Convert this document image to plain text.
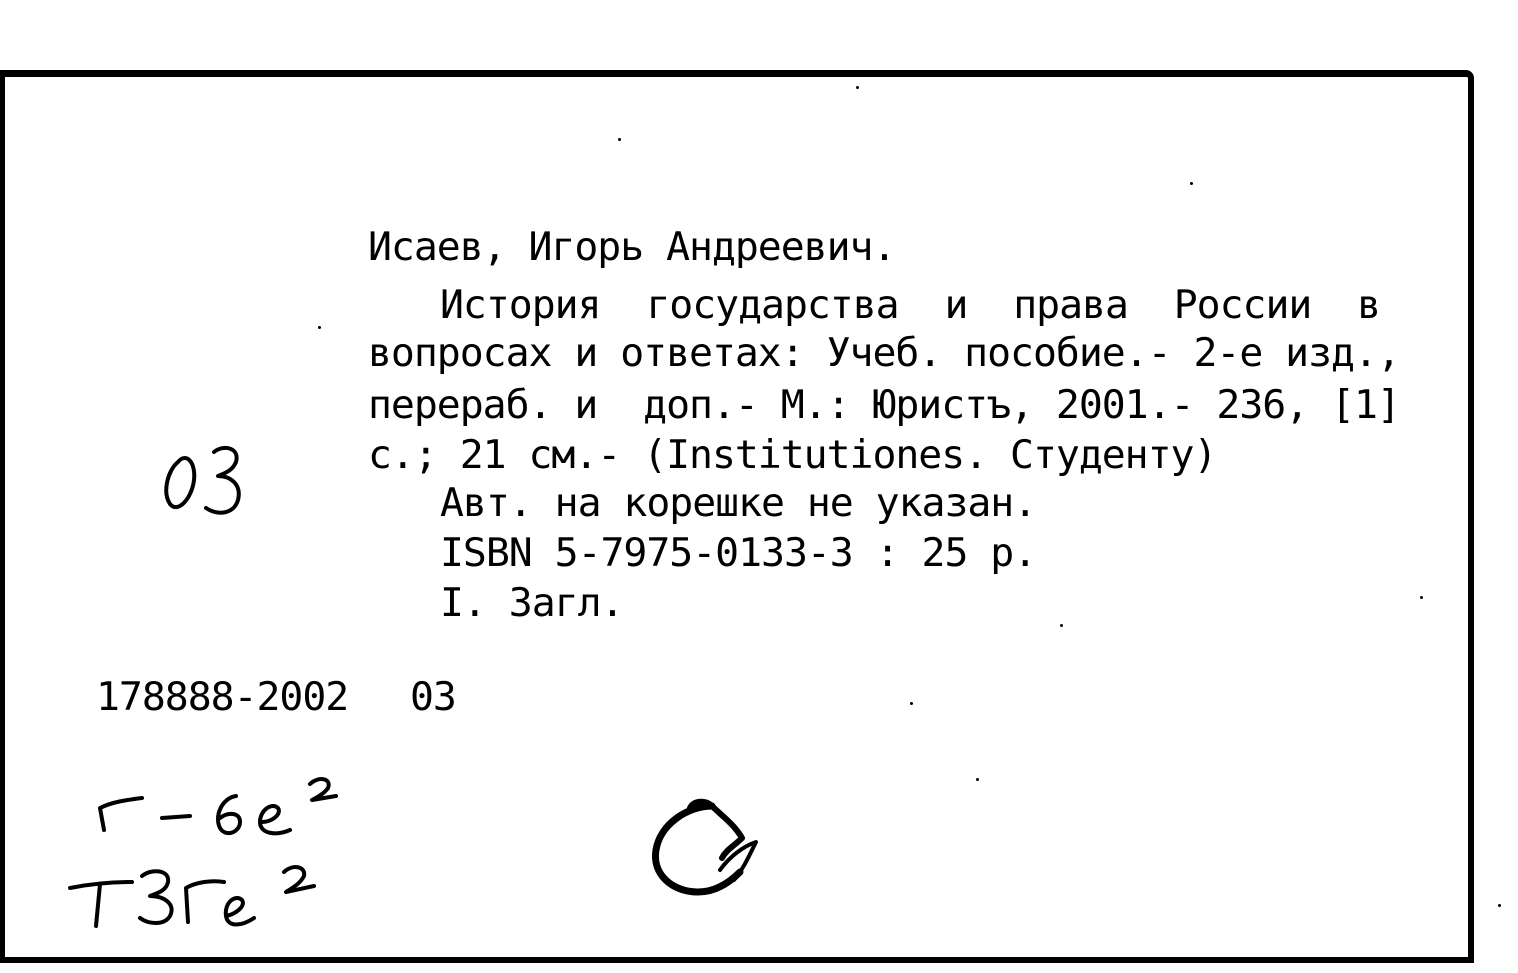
Исаев, Игорь Андреевич.
История  государства  и  права  России  в
вопросах и ответах: Учеб. пособие.- 2-е изд.,
перераб. и  доп.- М.: Юристъ, 2001.- 236, [1]
с.; 21 см.- (Institutiones. Студенту)
Авт. на корешке не указан.
ISBN 5-7975-0133-3 : 25 р.
I. Загл.
178888-2002 03
